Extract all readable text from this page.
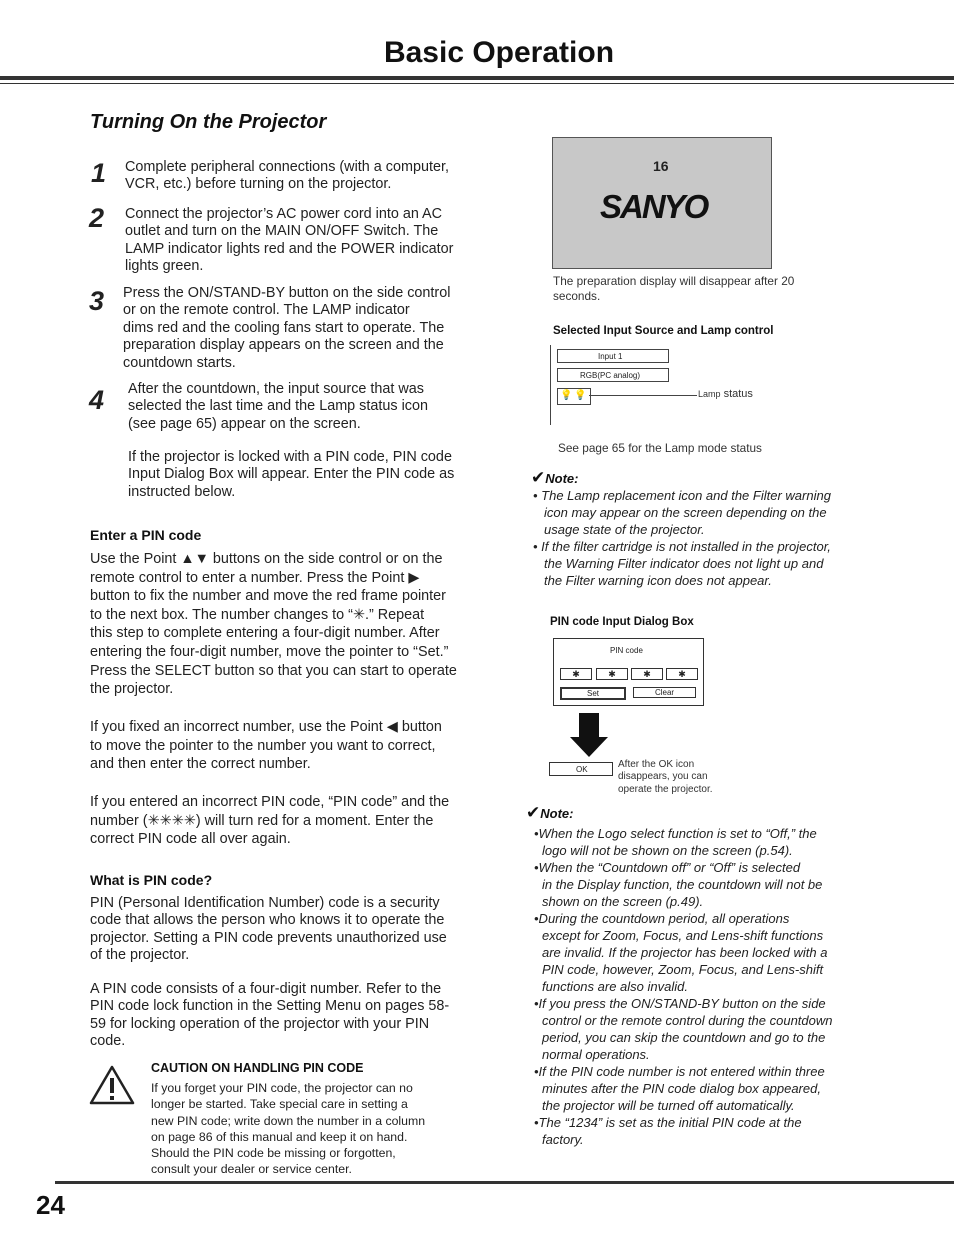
Basic Operation
Turning On the Projector
1 Complete peripheral connections (with a computer,
VCR, etc.) before turning on the projector.
2 Connect the projector’s AC power cord into an AC
outlet and turn on the MAIN ON/OFF Switch. The
LAMP indicator lights red and the POWER indicator
lights green.
3 Press the ON/STAND-BY button on the side control
or on the remote control. The LAMP indicator
dims red and the cooling fans start to operate. The
preparation display appears on the screen and the
countdown starts.
4 After the countdown, the input source that was
selected the last time and the Lamp status icon
(see page 65) appear on the screen.
If the projector is locked with a PIN code, PIN code
Input Dialog Box will appear. Enter the PIN code as
instructed below.
Enter a PIN code
Use the Point ▲▼ buttons on the side control or on the
remote control to enter a number. Press the Point ▶
button to fix the number and move the red frame pointer
to the next box. The number changes to “✳.” Repeat
this step to complete entering a four-digit number. After
entering the four-digit number, move the pointer to “Set.”
Press the SELECT button so that you can start to operate
the projector.
If you fixed an incorrect number, use the Point ◀ button
to move the pointer to the number you want to correct,
and then enter the correct number.
If you entered an incorrect PIN code, “PIN code” and the
number (✳✳✳✳) will turn red for a moment. Enter the
correct PIN code all over again.
What is PIN code?
PIN (Personal Identification Number) code is a security
code that allows the person who knows it to operate the
projector. Setting a PIN code prevents unauthorized use
of the projector.
A PIN code consists of a four-digit number. Refer to the
PIN code lock function in the Setting Menu on pages 58-
59 for locking operation of the projector with your PIN
code.
CAUTION ON HANDLING PIN CODE
If you forget your PIN code, the projector can no
longer be started. Take special care in setting a
new PIN code; write down the number in a column
on page 86 of this manual and keep it on hand.
Should the PIN code be missing or forgotten,
consult your dealer or service center.
16
SANYO
The preparation display will disappear after 20
seconds.
Selected Input Source and Lamp control
Input 1
RGB(PC analog)
💡 💡	Lamp status
See page 65 for the Lamp mode status
✔Note:
• The Lamp replacement icon and the Filter warning
icon may appear on the screen depending on the
usage state of the projector.
• If the filter cartridge is not installed in the projector,
the Warning Filter indicator does not light up and
the Filter warning icon does not appear.
PIN code Input Dialog Box
PIN code
✱	✱	✱	✱
Set	Clear
OK	After the OK icon
disappears, you can
operate the projector.
✔Note:
•When the Logo select function is set to “Off,” the
logo will not be shown on the screen (p.54).
•When the “Countdown off” or “Off” is selected
in the Display function, the countdown will not be
shown on the screen (p.49).
•During the countdown period, all operations
except for Zoom, Focus, and Lens-shift functions
are invalid. If the projector has been locked with a
PIN code, however, Zoom, Focus, and Lens-shift
functions are also invalid.
•If you press the ON/STAND-BY button on the side
control or the remote control during the countdown
period, you can skip the countdown and go to the
normal operations.
•If the PIN code number is not entered within three
minutes after the PIN code dialog box appeared,
the projector will be turned off automatically.
•The “1234” is set as the initial PIN code at the
factory.
24
